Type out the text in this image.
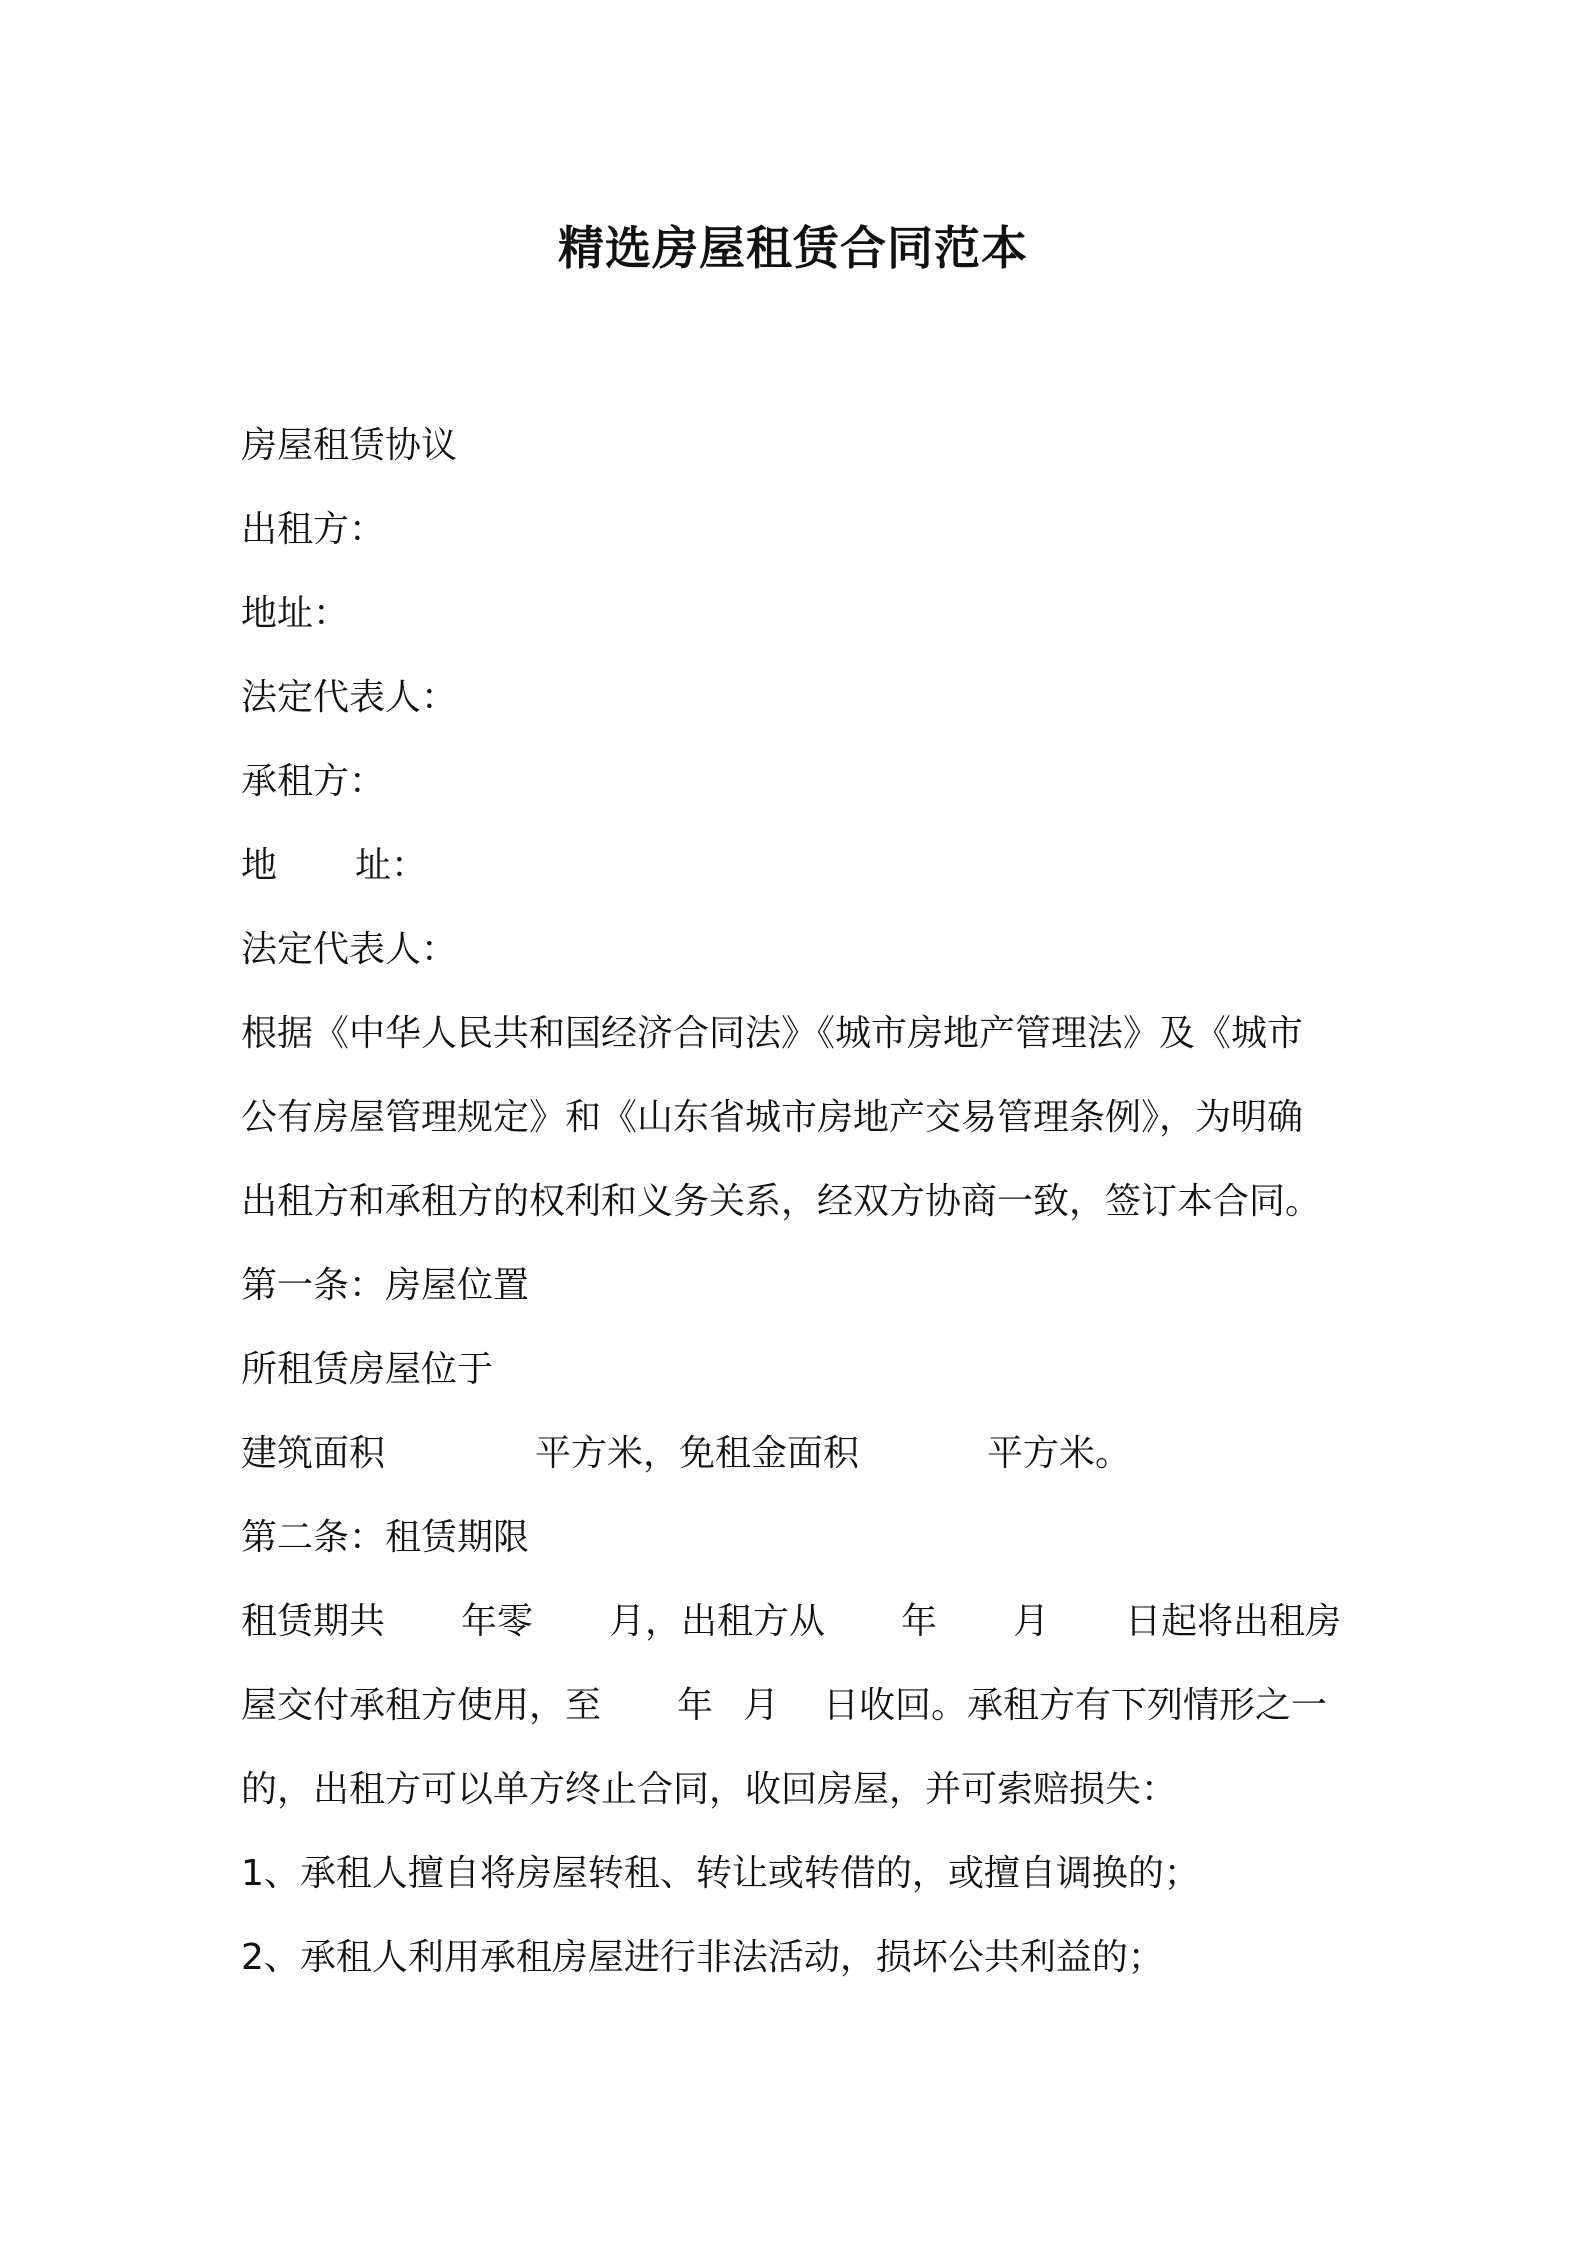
精选房屋租赁合同范本
房屋租赁协议
出租方：
地址：
法定代表人：
承租方：
地 址：
法定代表人：
根据《中华人民共和国经济合同法》《城市房地产管理法》及《城市
公有房屋管理规定》和《山东省城市房地产交易管理条例》，为明确
出租方和承租方的权利和义务关系，经双方协商一致，签订本合同。
第一条：房屋位置
所租赁房屋位于
建筑面积	平方米，免租金面积	平方米。
第二条：租赁期限
租赁期共 年零 月，出租方从 年 月 日起将出租房
屋交付承租方使用，至 年 月 日收回。承租方有下列情形之一
的，出租方可以单方终止合同，收回房屋，并可索赔损失：
1、承租人擅自将房屋转租、转让或转借的，或擅自调换的；
2、承租人利用承租房屋进行非法活动，损坏公共利益的；
